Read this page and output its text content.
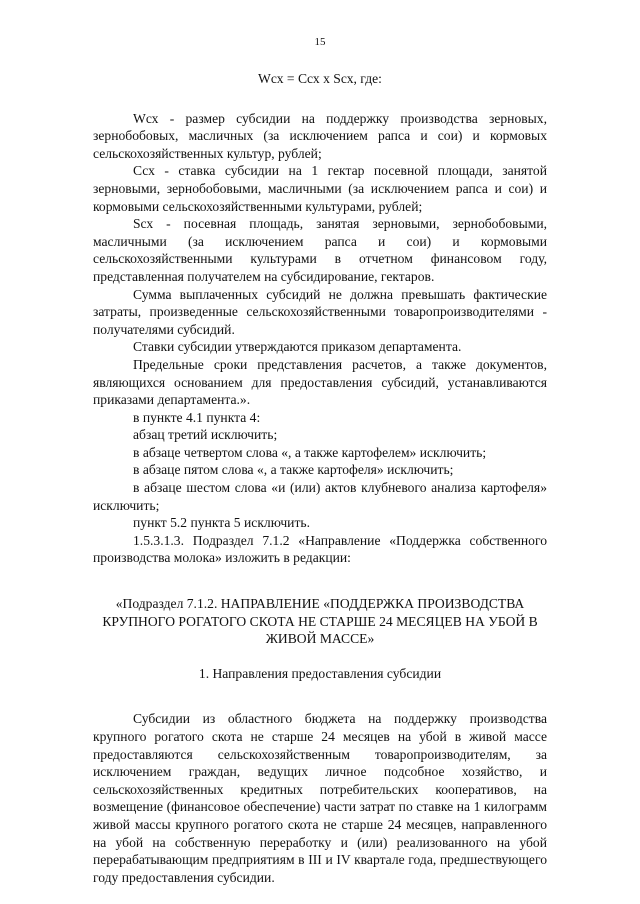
15
Wсх = Cсх х Sсх, где:

Wсх - размер субсидии на поддержку производства зерновых, зернобобовых, масличных (за исключением рапса и сои) и кормовых сельскохозяйственных культур, рублей;

Ссх - ставка субсидии на 1 гектар посевной площади, занятой зерновыми, зернобобовыми, масличными (за исключением рапса и сои) и кормовыми сельскохозяйственными культурами, рублей;

Sсх - посевная площадь, занятая зерновыми, зернобобовыми, масличными (за исключением рапса и сои) и кормовыми сельскохозяйственными культурами в отчетном финансовом году, представленная получателем на субсидирование, гектаров.

Сумма выплаченных субсидий не должна превышать фактические затраты, произведенные сельскохозяйственными товаропроизводителями - получателями субсидий.

Ставки субсидии утверждаются приказом департамента.

Предельные сроки представления расчетов, а также документов, являющихся основанием для предоставления субсидий, устанавливаются приказами департамента.».

в пункте 4.1 пункта 4:

абзац третий исключить;

в абзаце четвертом слова «, а также картофелем» исключить;

в абзаце пятом слова «, а также картофеля» исключить;

в абзаце шестом слова «и (или) актов клубневого анализа картофеля» исключить;

пункт 5.2 пункта 5 исключить.

1.5.3.1.3. Подраздел 7.1.2 «Направление «Поддержка собственного производства молока» изложить в редакции:

«Подраздел 7.1.2. НАПРАВЛЕНИЕ «ПОДДЕРЖКА ПРОИЗВОДСТВА КРУПНОГО РОГАТОГО СКОТА НЕ СТАРШЕ 24 МЕСЯЦЕВ НА УБОЙ В ЖИВОЙ МАССЕ»

1. Направления предоставления субсидии

Субсидии из областного бюджета на поддержку производства крупного рогатого скота не старше 24 месяцев на убой в живой массе предоставляются сельскохозяйственным товаропроизводителям, за исключением граждан, ведущих личное подсобное хозяйство, и сельскохозяйственных кредитных потребительских кооперативов, на возмещение (финансовое обеспечение) части затрат по ставке на 1 килограмм живой массы крупного рогатого скота не старше 24 месяцев, направленного на убой на собственную переработку и (или) реализованного на убой перерабатывающим предприятиям в III и IV квартале года, предшествующего году предоставления субсидии.
